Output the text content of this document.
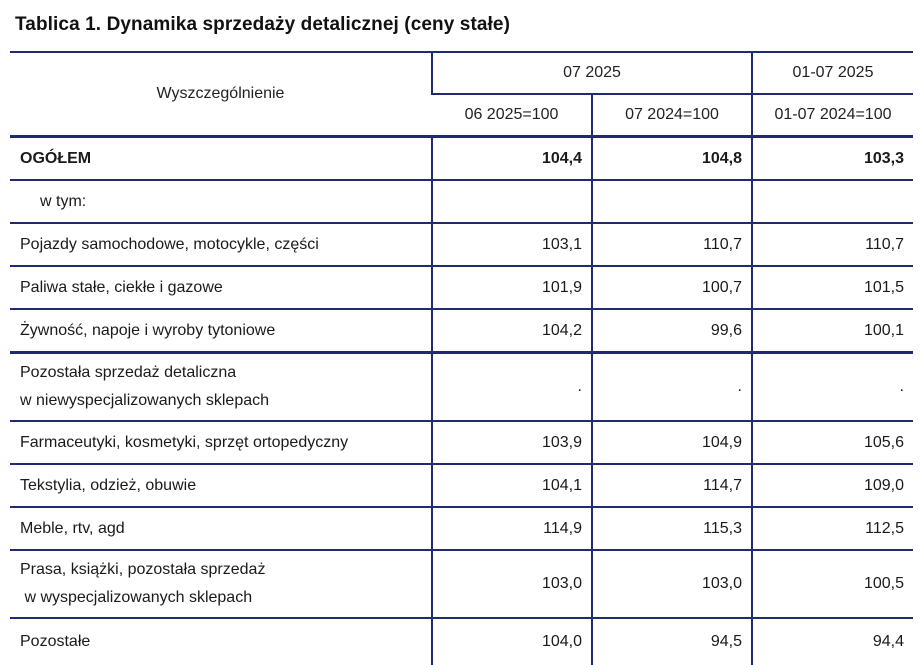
Tablica 1. Dynamika sprzedaży detalicznej (ceny stałe)
Wyszczególnienie	07 2025		01-07 2025
	06 2025=100	07 2024=100	01-07 2024=100
OGÓŁEM	104,4	104,8	103,3
w tym:			
Pojazdy samochodowe, motocykle, części	103,1	110,7	110,7
Paliwa stałe, ciekłe i gazowe	101,9	100,7	101,5
Żywność, napoje i wyroby tytoniowe	104,2	99,6	100,1

Pozostała sprzedaż detaliczna
w niewyspecjalizowanych sklepach	.	.	.
Farmaceutyki, kosmetyki, sprzęt ortopedyczny	103,9	104,9	105,6
Tekstylia, odzież, obuwie	104,1	114,7	109,0
Meble, rtv, agd	114,9	115,3	112,5

Prasa, książki, pozostała sprzedaż
w wyspecjalizowanych sklepach	103,0	103,0	100,5
Pozostałe	104,0	94,5	94,4
